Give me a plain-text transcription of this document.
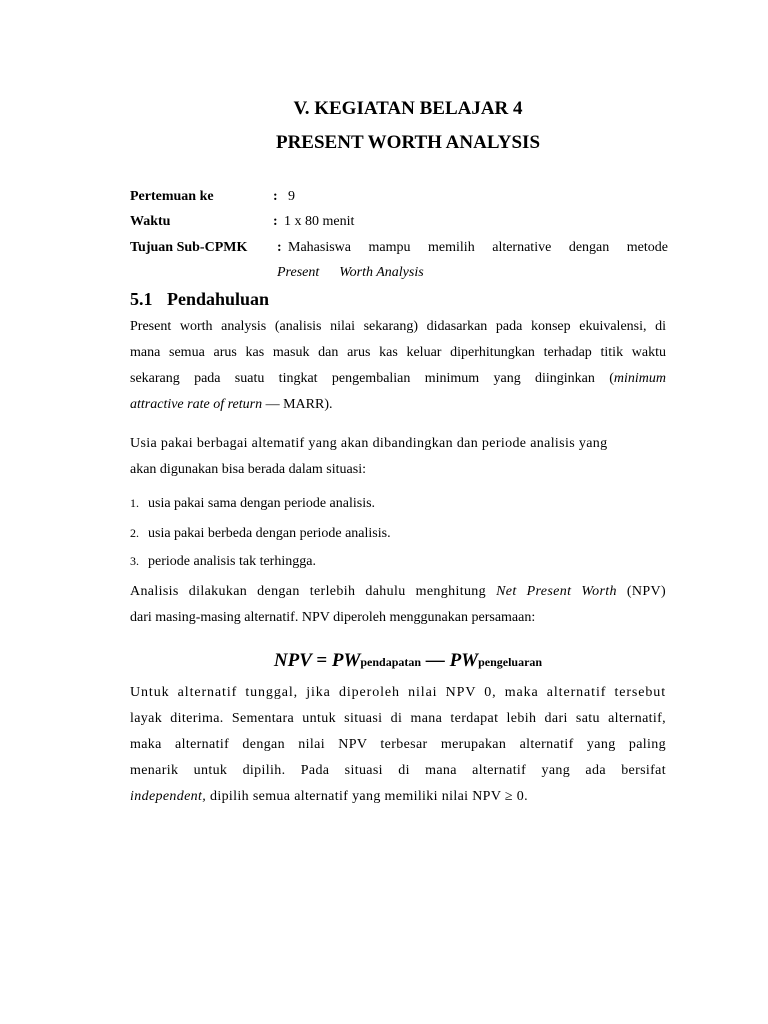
V. KEGIATAN BELAJAR 4
PRESENT WORTH ANALYSIS
Pertemuan ke	: 9
Waktu	: 1 x 80 menit
Tujuan Sub-CPMK : Mahasiswa mampu memilih alternative dengan metode
Present Worth Analysis
5.1 Pendahuluan
Present worth analysis (analisis nilai sekarang) didasarkan pada konsep ekuivalensi, di
mana semua arus kas masuk dan arus kas keluar diperhitungkan terhadap titik waktu
sekarang pada suatu tingkat pengembalian minimum yang diinginkan (minimum
attractive rate of return — MARR).
Usia pakai berbagai altematif yang akan dibandingkan dan periode analisis yang
akan digunakan bisa berada dalam situasi:
1. usia pakai sama dengan periode analisis.
2. usia pakai berbeda dengan periode analisis.
3. periode analisis tak terhingga.
Analisis dilakukan dengan terlebih dahulu menghitung Net Present Worth (NPV)
dari masing-masing alternatif. NPV diperoleh menggunakan persamaan:
NPV = PWpendapatan — PWpengeluaran
Untuk alternatif tunggal, jika diperoleh nilai NPV 0, maka alternatif tersebut
layak diterima. Sementara untuk situasi di mana terdapat lebih dari satu alternatif,
maka alternatif dengan nilai NPV terbesar merupakan alternatif yang paling
menarik untuk dipilih. Pada situasi di mana alternatif yang ada bersifat
independent, dipilih semua alternatif yang memiliki nilai NPV ≥ 0.
